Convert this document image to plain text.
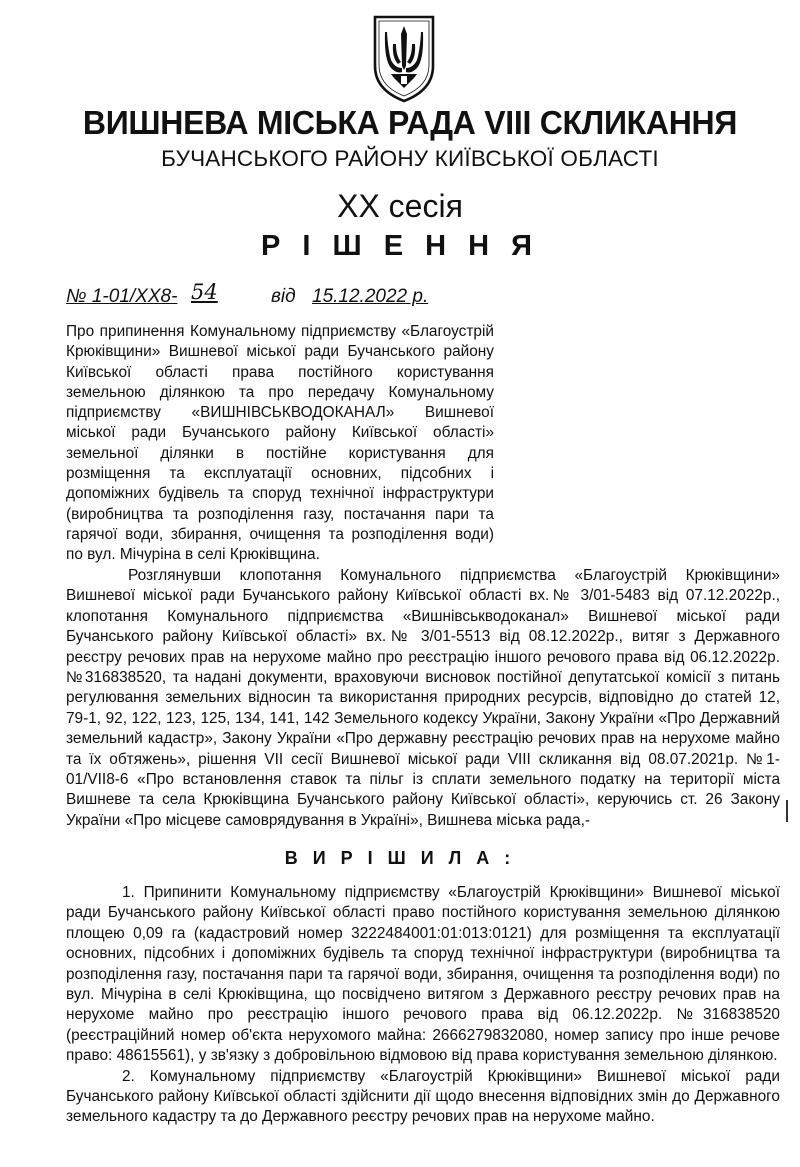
ВИШНЕВА МІСЬКА РАДА VIII СКЛИКАННЯ
БУЧАНСЬКОГО РАЙОНУ КИЇВСЬКОЇ ОБЛАСТІ
ХХ сесія
Р І Ш Е Н Н Я
№ 1-01/ХХ8- 54	від 15.12.2022 р.

Про припинення Комунальному підприємству «Благоустрій Крюківщини» Вишневої міської ради Бучанського району Київської області права постійного користування земельною ділянкою та про передачу Комунальному підприємству «ВИШНІВСЬКВОДОКАНАЛ» Вишневої міської ради Бучанського району Київської області» земельної ділянки в постійне користування для розміщення та експлуатації основних, підсобних і допоміжних будівель та споруд технічної інфраструктури (виробництва та розподілення газу, постачання пари та гарячої води, збирання, очищення та розподілення води) по вул. Мічуріна в селі Крюківщина.

Розглянувши клопотання Комунального підприємства «Благоустрій Крюківщини» Вишневої міської ради Бучанського району Київської області вх.№ 3/01-5483 від 07.12.2022р., клопотання Комунального підприємства «Вишнівськводоканал» Вишневої міської ради Бучанського району Київської області» вх.№ 3/01-5513 від 08.12.2022р., витяг з Державного реєстру речових прав на нерухоме майно про реєстрацію іншого речового права від 06.12.2022р. №316838520, та надані документи, враховуючи висновок постійної депутатської комісії з питань регулювання земельних відносин та використання природних ресурсів, відповідно до статей 12, 79-1, 92, 122, 123, 125, 134, 141, 142 Земельного кодексу України, Закону України «Про Державний земельний кадастр», Закону України «Про державну реєстрацію речових прав на нерухоме майно та їх обтяжень», рішення VII сесії Вишневої міської ради VIII скликання від 08.07.2021р. №1-01/VII8-6 «Про встановлення ставок та пільг із сплати земельного податку на території міста Вишневе та села Крюківщина Бучанського району Київської області», керуючись ст. 26 Закону України «Про місцеве самоврядування в Україні», Вишнева міська рада,-

В И Р І Ш И Л А :

1. Припинити Комунальному підприємству «Благоустрій Крюківщини» Вишневої міської ради Бучанського району Київської області право постійного користування земельною ділянкою площею 0,09 га (кадастровий номер 3222484001:01:013:0121) для розміщення та експлуатації основних, підсобних і допоміжних будівель та споруд технічної інфраструктури (виробництва та розподілення газу, постачання пари та гарячої води, збирання, очищення та розподілення води) по вул. Мічуріна в селі Крюківщина, що посвідчено витягом з Державного реєстру речових прав на нерухоме майно про реєстрацію іншого речового права від 06.12.2022р. №316838520 (реєстраційний номер об'єкта нерухомого майна: 2666279832080, номер запису про інше речове право: 48615561), у зв'язку з добровільною відмовою від права користування земельною ділянкою.

2. Комунальному підприємству «Благоустрій Крюківщини» Вишневої міської ради Бучанського району Київської області здійснити дії щодо внесення відповідних змін до Державного земельного кадастру та до Державного реєстру речових прав на нерухоме майно.
